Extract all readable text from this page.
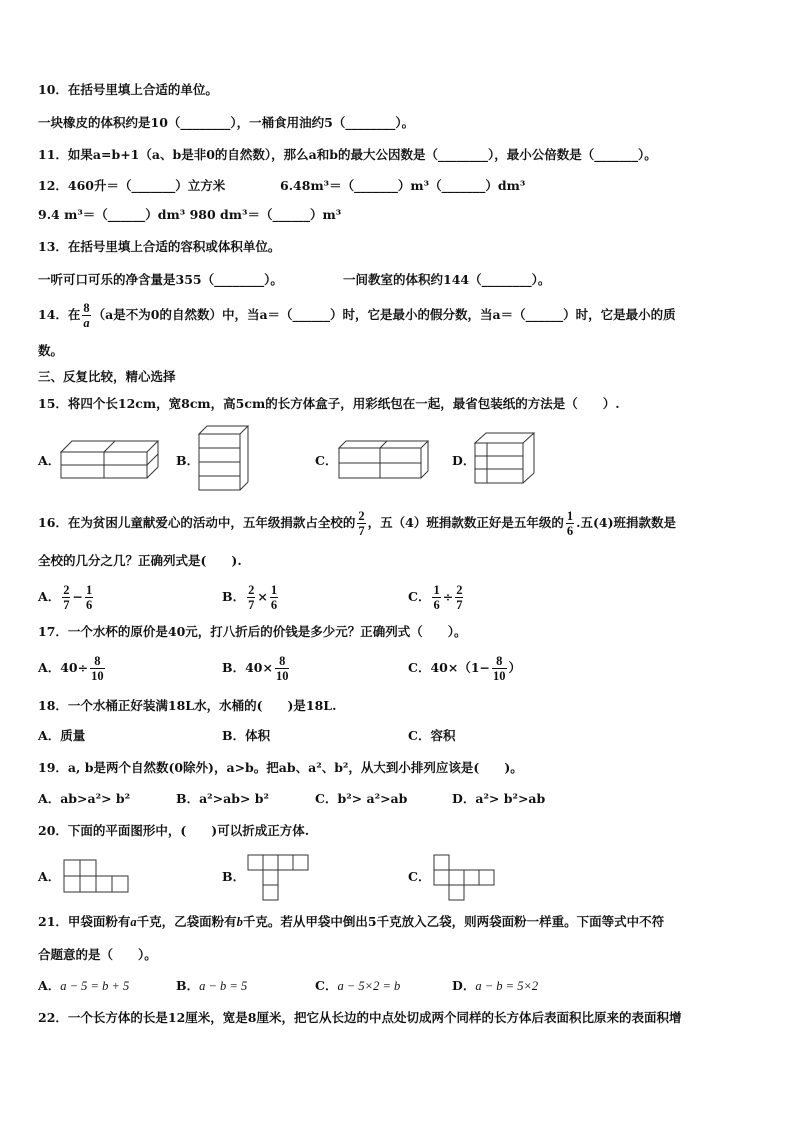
10．在括号里填上合适的单位。
一块橡皮的体积约是10（________），一桶食用油约5（________）。
11．如果a=b+1（a、b是非0的自然数），那么a和b的最大公因数是（________），最小公倍数是（_______）。
12．460升＝（_______）立方米	6.48m³＝（_______）m³（_______）dm³
9.4 m³＝（______）dm³ 980 dm³＝（______）m³
13．在括号里填上合适的容积或体积单位。
一听可口可乐的净含量是355（________）。	一间教室的体积约144（________）。
14．在 $\frac{8}{a} (a$是不为0的自然数）中，当a＝（______）时，它是最小的假分数，当a＝（______）时，它是最小的质
数。
三、反复比较，精心选择
15．将四个长12cm，宽8cm，高5cm的长方体盒子，用彩纸包在一起，最省包装纸的方法是（　　）.
A．	B．	C．	D．
16．在为贫困儿童献爱心的活动中，五年级捐款占全校的 $\frac{2}{7}$ ，五（4）班捐款数正好是五年级的 $\frac{1}{6}$ .五(4)班捐款数是
全校的几分之几？正确列式是(　　).
A． $\frac{2}{7} - \frac{1}{6}$	B． $\frac{2}{7} \times \frac{1}{6}$	C． $\frac{1}{6} \div \frac{2}{7}$
17．一个水杯的原价是40元，打八折后的价钱是多少元？正确列式（　　）。
A．$40\div \frac{8}{10}$	B．$40\times \frac{8}{10}$	C．$40\times(1- \frac{8}{10}$ ）
18．一个水桶正好装满18L水，水桶的(　　)是18L.
A．质量	B．体积	C．容积
19．a, b是两个自然数(0除外)，a>b。把ab、a²、b²，从大到小排列应该是(　　)。
A．ab>a²> b²	B．a²>ab> b²	C．b²> a²>ab	D．a²> b²>ab
20．下面的平面图形中，(　　)可以折成正方体.
A．	B．	C．
21．甲袋面粉有a千克，乙袋面粉有b千克。若从甲袋中倒出5千克放入乙袋，则两袋面粉一样重。下面等式中不符
合题意的是（　　）。
A．a − 5 = b + 5	B．a − b = 5	C．a − 5×2 = b	D．a − b = 5×2
22．一个长方体的长是12厘米，宽是8厘米，把它从长边的中点处切成两个同样的长方体后表面积比原来的表面积增
